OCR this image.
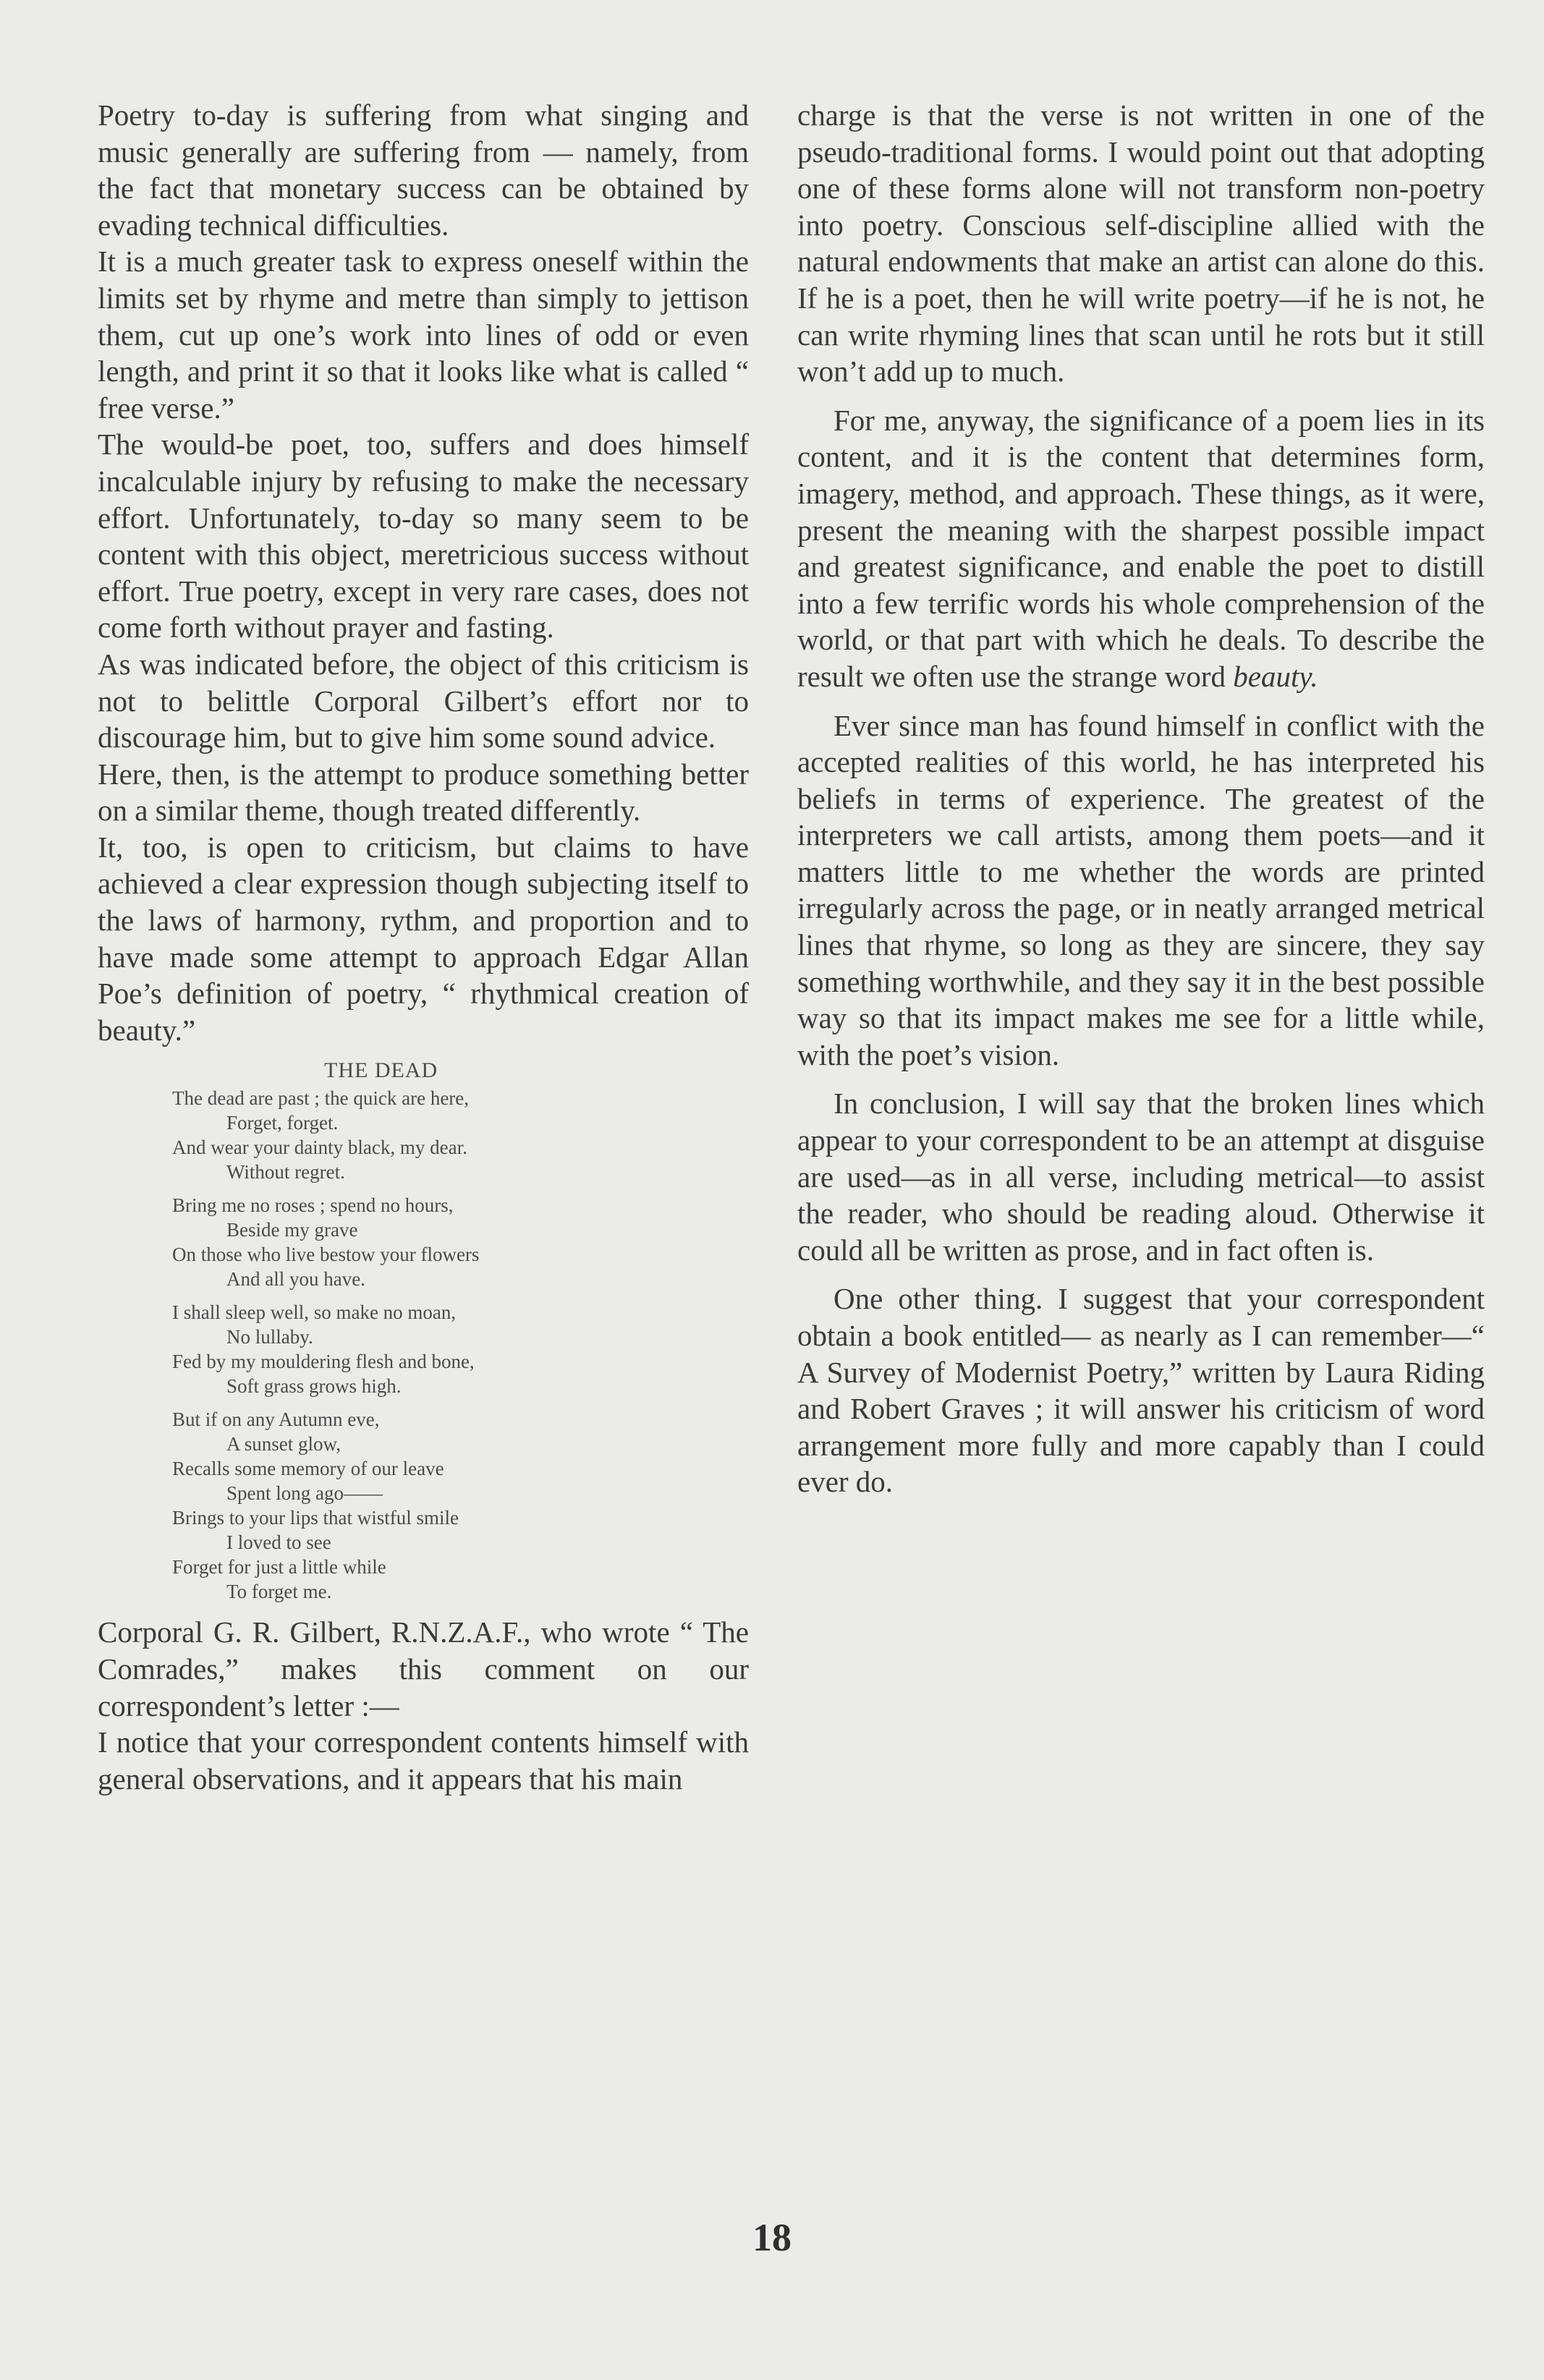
Poetry to-day is suffering from what singing and music generally are suffering from — namely, from the fact that monetary success can be obtained by evading technical difficulties.

It is a much greater task to express oneself within the limits set by rhyme and metre than simply to jettison them, cut up one’s work into lines of odd or even length, and print it so that it looks like what is called “ free verse.”

The would-be poet, too, suffers and does himself incalculable injury by refusing to make the necessary effort. Unfortunately, to-day so many seem to be content with this object, meretricious success without effort. True poetry, except in very rare cases, does not come forth without prayer and fasting.

As was indicated before, the object of this criticism is not to belittle Corporal Gilbert’s effort nor to discourage him, but to give him some sound advice.

Here, then, is the attempt to produce something better on a similar theme, though treated differently.

It, too, is open to criticism, but claims to have achieved a clear expression though subjecting itself to the laws of harmony, rythm, and proportion and to have made some attempt to approach Edgar Allan Poe’s definition of poetry, “ rhythmical creation of beauty.”

THE DEAD
The dead are past ; the quick are here,
Forget, forget.
And wear your dainty black, my dear.
Without regret.
Bring me no roses ; spend no hours,
Beside my grave
On those who live bestow your flowers
And all you have.
I shall sleep well, so make no moan,
No lullaby.
Fed by my mouldering flesh and bone,
Soft grass grows high.
But if on any Autumn eve,
A sunset glow,
Recalls some memory of our leave
Spent long ago——
Brings to your lips that wistful smile
I loved to see
Forget for just a little while
To forget me.

Corporal G. R. Gilbert, R.N.Z.A.F., who wrote “ The Comrades,” makes this comment on our correspondent’s letter :—

I notice that your correspondent contents himself with general observations, and it appears that his main

charge is that the verse is not written in one of the pseudo-traditional forms. I would point out that adopting one of these forms alone will not transform non-poetry into poetry. Conscious self-discipline allied with the natural endowments that make an artist can alone do this. If he is a poet, then he will write poetry—if he is not, he can write rhyming lines that scan until he rots but it still won’t add up to much.

For me, anyway, the significance of a poem lies in its content, and it is the content that determines form, imagery, method, and approach. These things, as it were, present the meaning with the sharpest possible impact and greatest significance, and enable the poet to distill into a few terrific words his whole comprehension of the world, or that part with which he deals. To describe the result we often use the strange word beauty.

Ever since man has found himself in conflict with the accepted realities of this world, he has interpreted his beliefs in terms of experience. The greatest of the interpreters we call artists, among them poets—and it matters little to me whether the words are printed irregularly across the page, or in neatly arranged metrical lines that rhyme, so long as they are sincere, they say something worthwhile, and they say it in the best possible way so that its impact makes me see for a little while, with the poet’s vision.

In conclusion, I will say that the broken lines which appear to your correspondent to be an attempt at disguise are used—as in all verse, including metrical—to assist the reader, who should be reading aloud. Otherwise it could all be written as prose, and in fact often is.

One other thing. I suggest that your correspondent obtain a book entitled— as nearly as I can remember—“ A Survey of Modernist Poetry,” written by Laura Riding and Robert Graves ; it will answer his criticism of word arrangement more fully and more capably than I could ever do.

18
